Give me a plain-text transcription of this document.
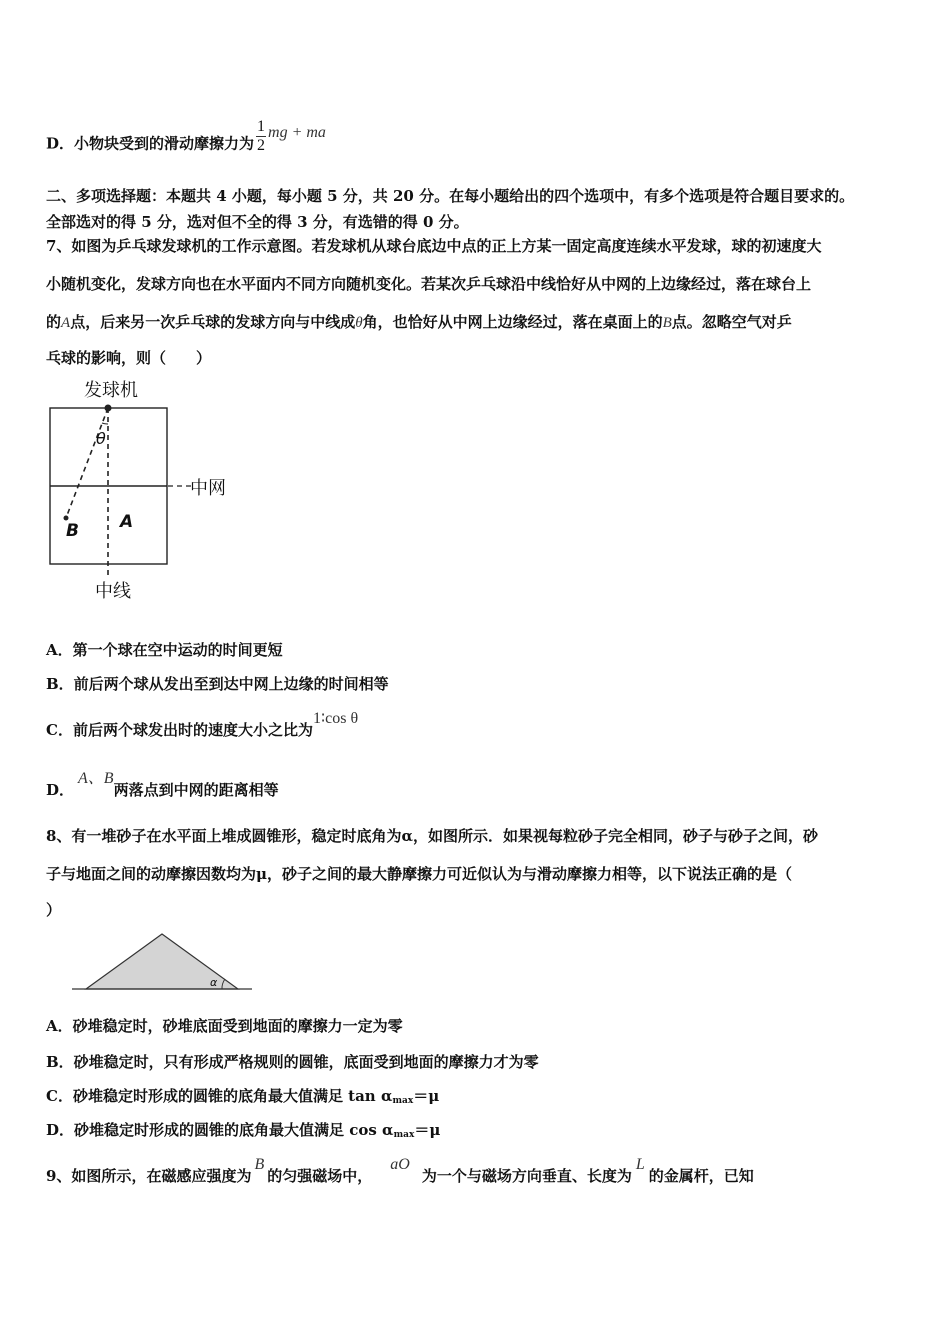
D．小物块受到的滑动摩擦力为 $\frac{1}{2}$ mg + ma
二、多项选择题：本题共 4 小题，每小题 5 分，共 20 分。在每小题给出的四个选项中，有多个选项是符合题目要求的。
全部选对的得 5 分，选对但不全的得 3 分，有选错的得 0 分。
7、如图为乒乓球发球机的工作示意图。若发球机从球台底边中点的正上方某一固定高度连续水平发球，球的初速度大
小随机变化，发球方向也在水平面内不同方向随机变化。若某次乒乓球沿中线恰好从中网的上边缘经过，落在球台上
的A点，后来另一次乒乓球的发球方向与中线成θ角，也恰好从中网上边缘经过，落在桌面上的B点。忽略空气对乒
乓球的影响，则（　　）
发球机
中网
θ
A
B
中线
A．第一个球在空中运动的时间更短
B．前后两个球从发出至到达中网上边缘的时间相等
C．前后两个球发出时的速度大小之比为1∶cos θ
D．A、B两落点到中网的距离相等
8、有一堆砂子在水平面上堆成圆锥形，稳定时底角为α，如图所示．如果视每粒砂子完全相同，砂子与砂子之间，砂
子与地面之间的动摩擦因数均为μ，砂子之间的最大静摩擦力可近似认为与滑动摩擦力相等，以下说法正确的是（
）
α
A．砂堆稳定时，砂堆底面受到地面的摩擦力一定为零
B．砂堆稳定时，只有形成严格规则的圆锥，底面受到地面的摩擦力才为零
C．砂堆稳定时形成的圆锥的底角最大值满足 $\tan \alpha_{max}=\mu$
D．砂堆稳定时形成的圆锥的底角最大值满足 $\cos \alpha_{max}=\mu$
9、如图所示，在磁感应强度为B的匀强磁场中，aO为一个与磁场方向垂直、长度为L的金属杆，已知
